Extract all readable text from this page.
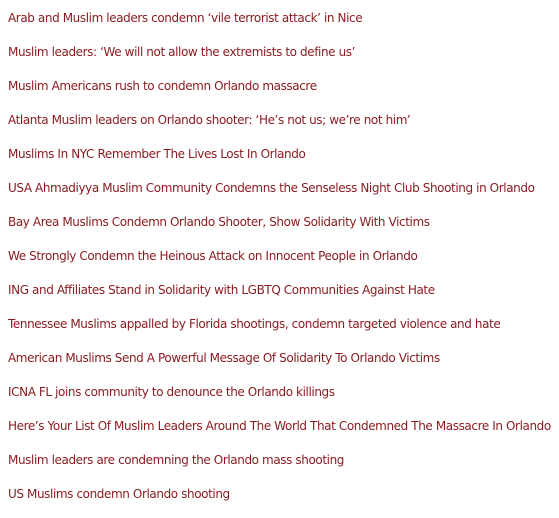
Arab and Muslim leaders condemn ‘vile terrorist attack’ in Nice
Muslim leaders: ‘We will not allow the extremists to define us’
Muslim Americans rush to condemn Orlando massacre
Atlanta Muslim leaders on Orlando shooter: ‘He’s not us; we’re not him’
Muslims In NYC Remember The Lives Lost In Orlando
USA Ahmadiyya Muslim Community Condemns the Senseless Night Club Shooting in Orlando
Bay Area Muslims Condemn Orlando Shooter, Show Solidarity With Victims
We Strongly Condemn the Heinous Attack on Innocent People in Orlando
ING and Affiliates Stand in Solidarity with LGBTQ Communities Against Hate
Tennessee Muslims appalled by Florida shootings, condemn targeted violence and hate
American Muslims Send A Powerful Message Of Solidarity To Orlando Victims
ICNA FL joins community to denounce the Orlando killings
Here’s Your List Of Muslim Leaders Around The World That Condemned The Massacre In Orlando
Muslim leaders are condemning the Orlando mass shooting
US Muslims condemn Orlando shooting
